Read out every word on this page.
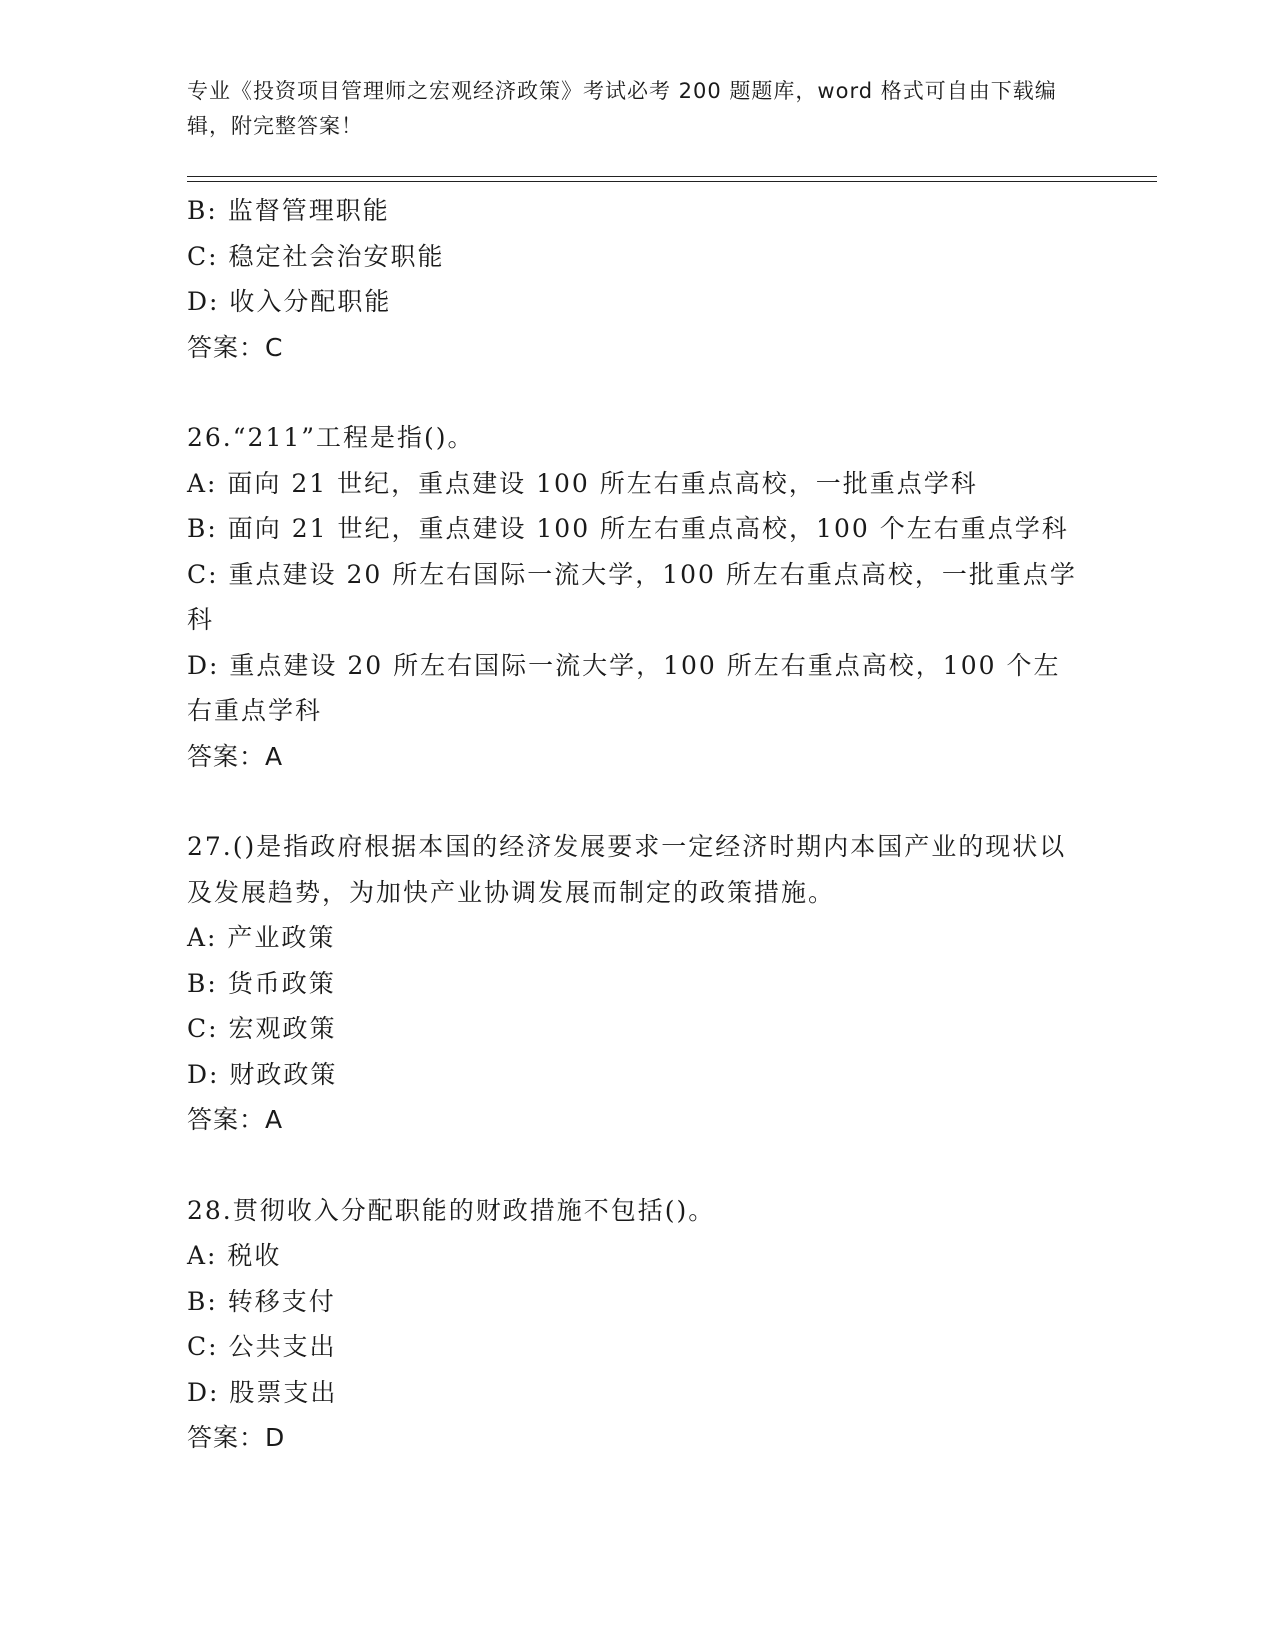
专业《投资项目管理师之宏观经济政策》考试必考 200 题题库，word 格式可自由下载编辑，附完整答案！
B: 监督管理职能
C: 稳定社会治安职能
D: 收入分配职能
答案：C
26.“211”工程是指()。
A: 面向 21 世纪，重点建设 100 所左右重点高校，一批重点学科
B: 面向 21 世纪，重点建设 100 所左右重点高校，100 个左右重点学科
C: 重点建设 20 所左右国际一流大学，100 所左右重点高校，一批重点学科
D: 重点建设 20 所左右国际一流大学，100 所左右重点高校，100 个左右重点学科
答案：A
27.()是指政府根据本国的经济发展要求一定经济时期内本国产业的现状以及发展趋势，为加快产业协调发展而制定的政策措施。
A: 产业政策
B: 货币政策
C: 宏观政策
D: 财政政策
答案：A
28.贯彻收入分配职能的财政措施不包括()。
A: 税收
B: 转移支付
C: 公共支出
D: 股票支出
答案：D
